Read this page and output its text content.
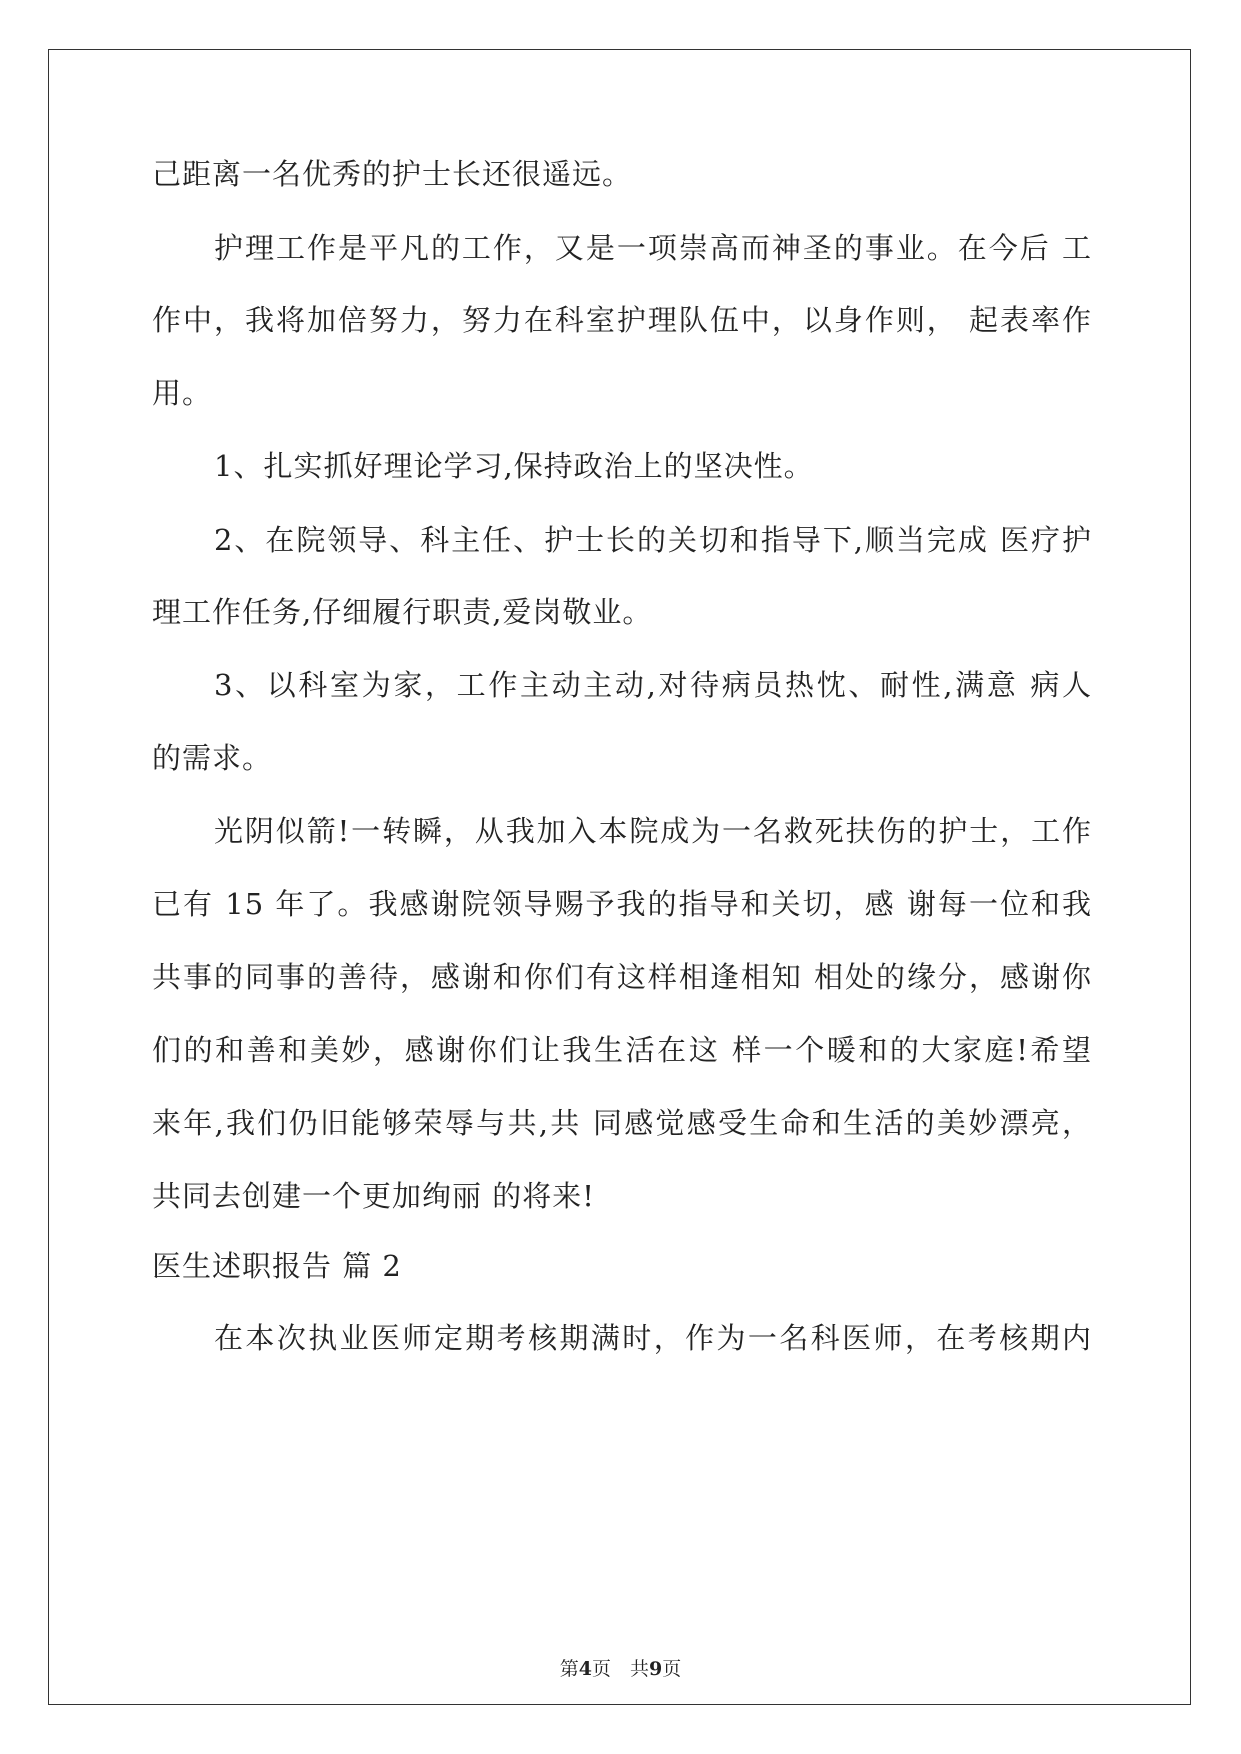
己距离一名优秀的护士长还很遥远。
护理工作是平凡的工作，又是一项崇高而神圣的事业。在今后 工
作中，我将加倍努力，努力在科室护理队伍中，以身作则， 起表率作
用。
1、扎实抓好理论学习,保持政治上的坚决性。
2、在院领导、科主任、护士长的关切和指导下,顺当完成 医疗护
理工作任务,仔细履行职责,爱岗敬业。
3、以科室为家，工作主动主动,对待病员热忱、耐性,满意 病人
的需求。
光阴似箭!一转瞬，从我加入本院成为一名救死扶伤的护士，工作
已有 15 年了。我感谢院领导赐予我的指导和关切，感 谢每一位和我
共事的同事的善待，感谢和你们有这样相逢相知 相处的缘分，感谢你
们的和善和美妙，感谢你们让我生活在这 样一个暖和的大家庭!希望
来年,我们仍旧能够荣辱与共,共 同感觉感受生命和生活的美妙漂亮，
共同去创建一个更加绚丽 的将来!
医生述职报告 篇 2
在本次执业医师定期考核期满时，作为一名科医师，在考核期内
第4页　共9页
